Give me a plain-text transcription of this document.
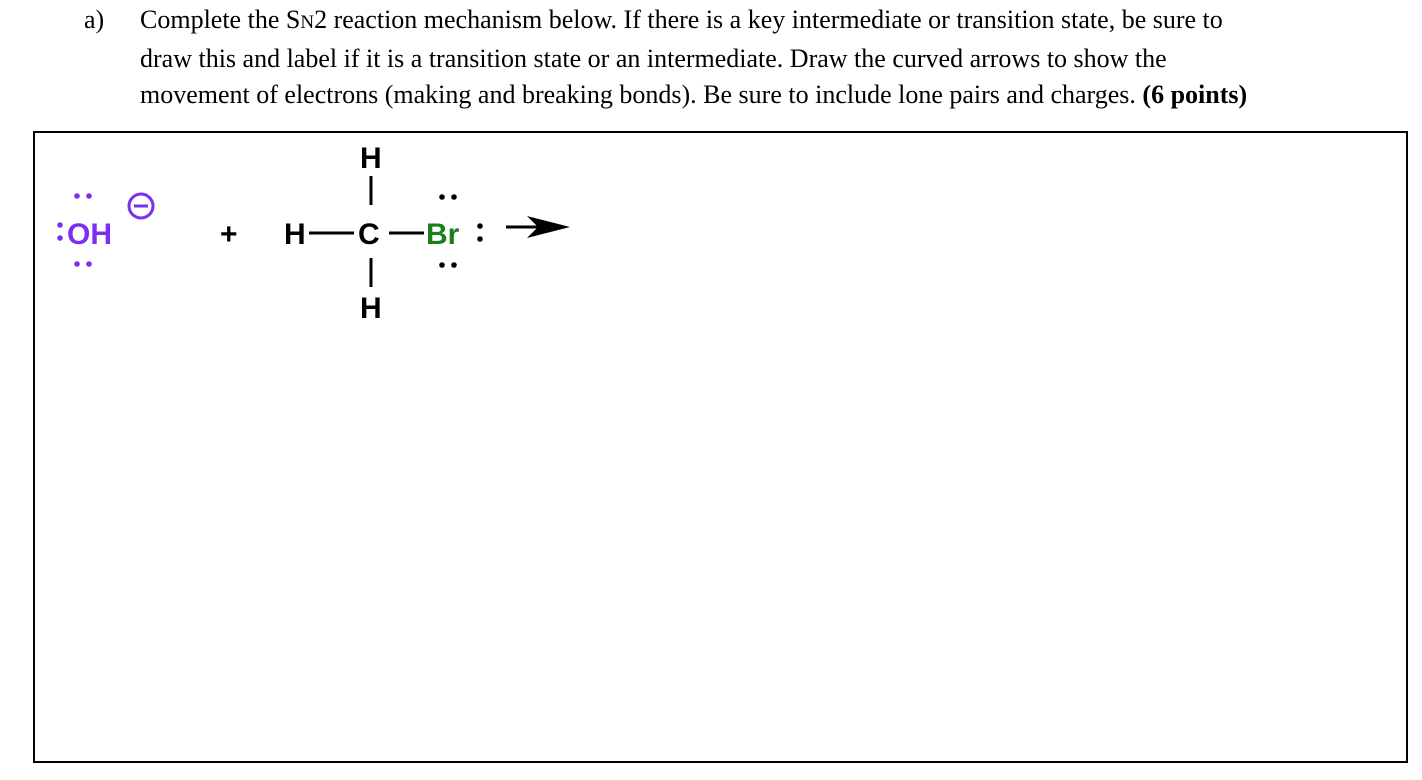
a) Complete the SN2 reaction mechanism below. If there is a key intermediate or transition state, be sure to
draw this and label if it is a transition state or an intermediate. Draw the curved arrows to show the
movement of electrons (making and breaking bonds). Be sure to include lone pairs and charges. (6 points)
OH	+
H
H C Br
H
